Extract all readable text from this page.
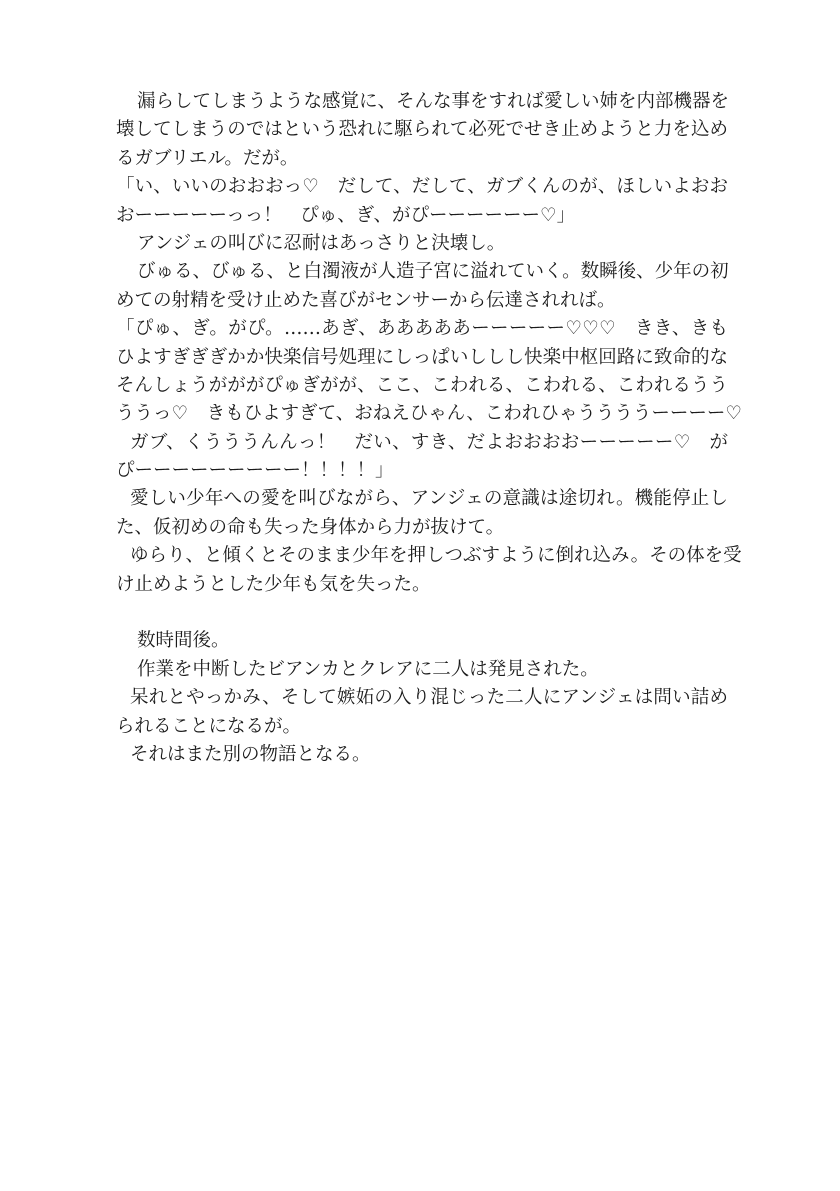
漏らしてしまうような感覚に、そんな事をすれば愛しい姉を内部機器を
壊してしまうのではという恐れに駆られて必死でせき止めようと力を込め
るガブリエル。だが。
「い、いいのおおおっ♡　だして、だして、ガブくんのが、ほしいよおお
おーーーーーっっ！　ぴゅ、ぎ、がぴーーーーーー♡」
アンジェの叫びに忍耐はあっさりと決壊し。
びゅる、びゅる、と白濁液が人造子宮に溢れていく。数瞬後、少年の初
めての射精を受け止めた喜びがセンサーから伝達されれば。
「ぴゅ、ぎ。がぴ。……あぎ、あああああーーーーー♡♡♡　きき、きも
ひよすぎぎぎかか快楽信号処理にしっぱいししし快楽中枢回路に致命的な
そんしょうがががぴゅぎがが、ここ、こわれる、こわれる、こわれるうう
ううっ♡　きもひよすぎて、おねえひゃん、こわれひゃううううーーーー♡
ガブ、くうううんんっ！　だい、すき、だよおおおおーーーーー♡　が
ぴーーーーーーーーー！！！！」
愛しい少年への愛を叫びながら、アンジェの意識は途切れ。機能停止し
た、仮初めの命も失った身体から力が抜けて。
ゆらり、と傾くとそのまま少年を押しつぶすように倒れ込み。その体を受
け止めようとした少年も気を失った。
数時間後。
作業を中断したビアンカとクレアに二人は発見された。
呆れとやっかみ、そして嫉妬の入り混じった二人にアンジェは問い詰め
られることになるが。
それはまた別の物語となる。
